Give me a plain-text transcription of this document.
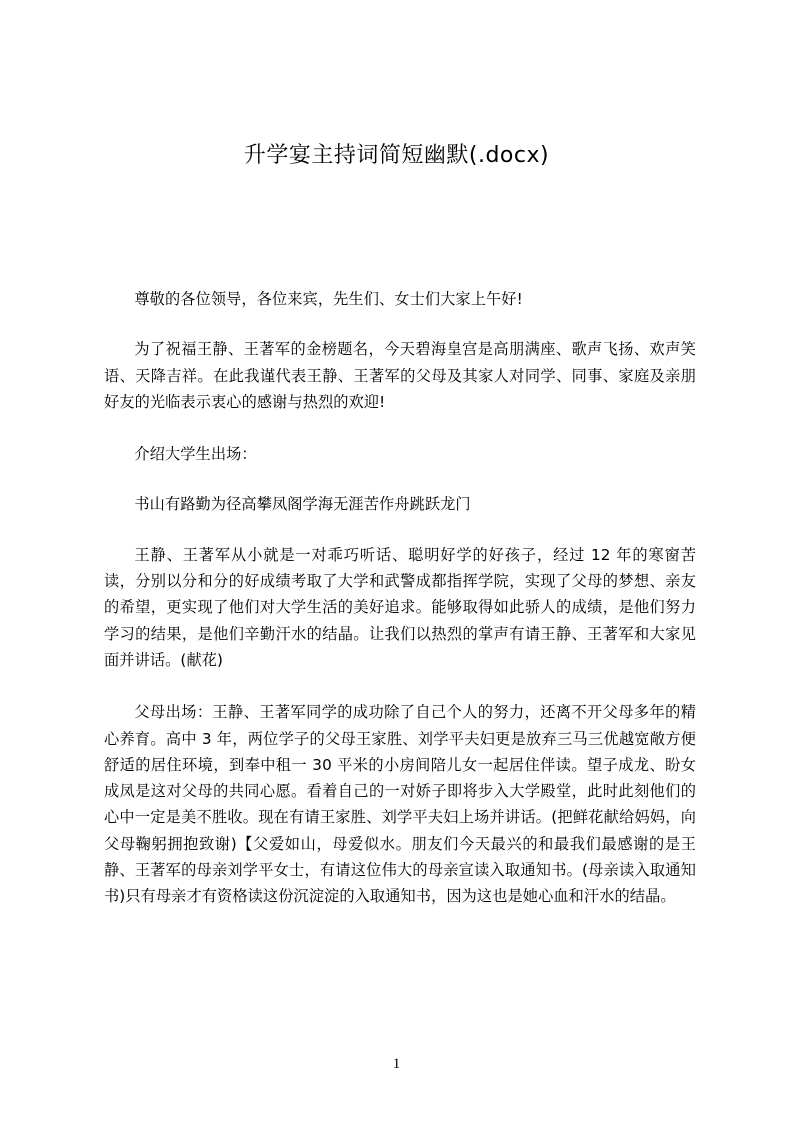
升学宴主持词简短幽默(.docx)

尊敬的各位领导，各位来宾，先生们、女士们大家上午好!

为了祝福王静、王著军的金榜题名，今天碧海皇宫是高朋满座、歌声飞扬、欢声笑语、天降吉祥。在此我谨代表王静、王著军的父母及其家人对同学、同事、家庭及亲朋好友的光临表示衷心的感谢与热烈的欢迎!

介绍大学生出场：

书山有路勤为径高攀凤阁学海无涯苦作舟跳跃龙门

王静、王著军从小就是一对乖巧听话、聪明好学的好孩子，经过 12 年的寒窗苦读，分别以分和分的好成绩考取了大学和武警成都指挥学院，实现了父母的梦想、亲友的希望，更实现了他们对大学生活的美好追求。能够取得如此骄人的成绩，是他们努力学习的结果，是他们辛勤汗水的结晶。让我们以热烈的掌声有请王静、王著军和大家见面并讲话。(献花)

父母出场：王静、王著军同学的成功除了自己个人的努力，还离不开父母多年的精心养育。高中 3 年，两位学子的父母王家胜、刘学平夫妇更是放弃三马三优越宽敞方便舒适的居住环境，到奉中租一 30 平米的小房间陪儿女一起居住伴读。望子成龙、盼女成凤是这对父母的共同心愿。看着自己的一对娇子即将步入大学殿堂，此时此刻他们的心中一定是美不胜收。现在有请王家胜、刘学平夫妇上场并讲话。(把鲜花献给妈妈，向父母鞠躬拥抱致谢)【父爱如山，母爱似水。朋友们今天最兴的和最我们最感谢的是王静、王著军的母亲刘学平女士，有请这位伟大的母亲宣读入取通知书。(母亲读入取通知书)只有母亲才有资格读这份沉淀淀的入取通知书，因为这也是她心血和汗水的结晶。

1
